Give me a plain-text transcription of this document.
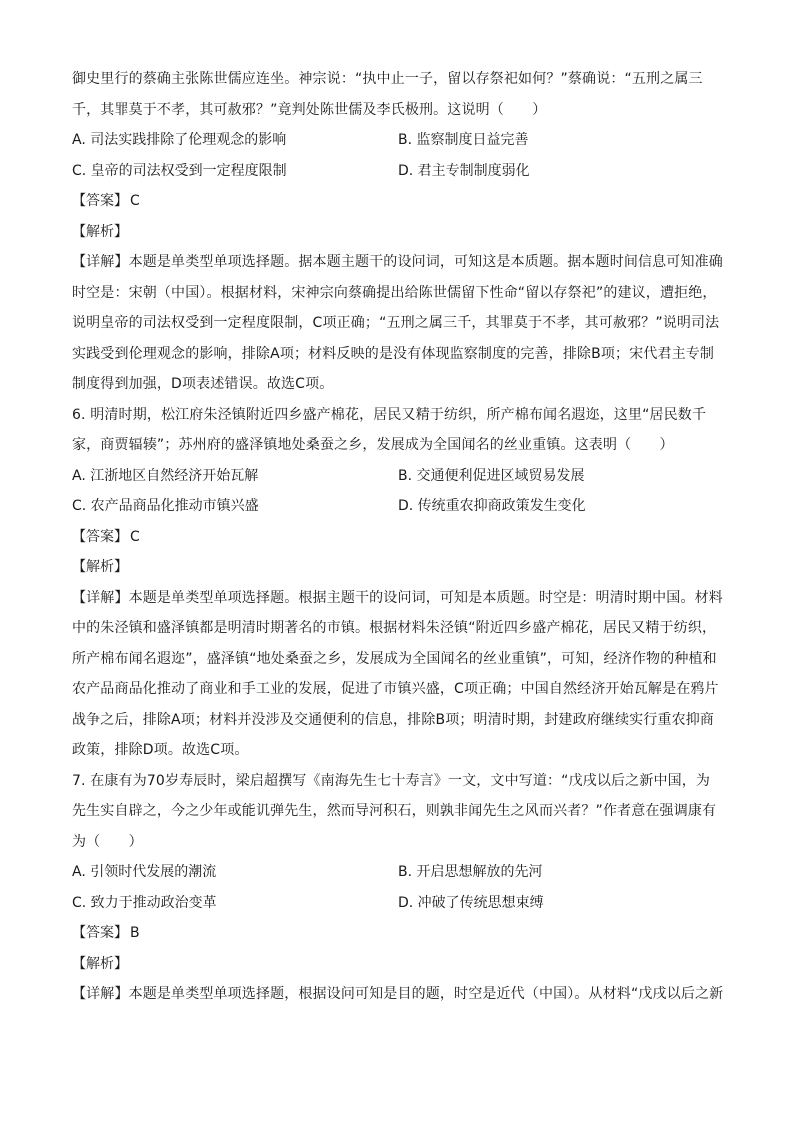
御史里行的蔡确主张陈世儒应连坐。神宗说：“执中止一子，留以存祭祀如何？”蔡确说：“五刑之属三千，其罪莫于不孝，其可赦邪？”竟判处陈世儒及李氏极刑。这说明（　　）

A. 司法实践排除了伦理观念的影响	B. 监察制度日益完善
C. 皇帝的司法权受到一定程度限制	D. 君主专制制度弱化

【答案】 C

【解析】

【详解】本题是单类型单项选择题。据本题主题干的设问词，可知这是本质题。据本题时间信息可知准确时空是：宋朝（中国）。根据材料，宋神宗向蔡确提出给陈世儒留下性命“留以存祭祀”的建议，遭拒绝，说明皇帝的司法权受到一定程度限制，C项正确；“五刑之属三千，其罪莫于不孝，其可赦邪？”说明司法实践受到伦理观念的影响，排除A项；材料反映的是没有体现监察制度的完善，排除B项；宋代君主专制制度得到加强，D项表述错误。故选C项。

6. 明清时期，松江府朱泾镇附近四乡盛产棉花，居民又精于纺织，所产棉布闻名遐迩，这里“居民数千家，商贾辐辏”；苏州府的盛泽镇地处桑蚕之乡，发展成为全国闻名的丝业重镇。这表明（　　）

A. 江浙地区自然经济开始瓦解	B. 交通便利促进区域贸易发展
C. 农产品商品化推动市镇兴盛	D. 传统重农抑商政策发生变化

【答案】 C

【解析】

【详解】本题是单类型单项选择题。根据主题干的设问词，可知是本质题。时空是：明清时期中国。材料中的朱泾镇和盛泽镇都是明清时期著名的市镇。根据材料朱泾镇“附近四乡盛产棉花，居民又精于纺织，所产棉布闻名遐迩”，盛泽镇“地处桑蚕之乡，发展成为全国闻名的丝业重镇”，可知，经济作物的种植和农产品商品化推动了商业和手工业的发展，促进了市镇兴盛，C项正确；中国自然经济开始瓦解是在鸦片战争之后，排除A项；材料并没涉及交通便利的信息，排除B项；明清时期，封建政府继续实行重农抑商政策，排除D项。故选C项。

7. 在康有为70岁寿辰时，梁启超撰写《南海先生七十寿言》一文，文中写道：“戊戌以后之新中国，为先生实自辟之，今之少年或能讥弹先生，然而导河积石，则孰非闻先生之风而兴者？”作者意在强调康有为（　　）

A. 引领时代发展的潮流	B. 开启思想解放的先河
C. 致力于推动政治变革	D. 冲破了传统思想束缚

【答案】 B

【解析】

【详解】本题是单类型单项选择题，根据设问可知是目的题，时空是近代（中国）。从材料“戊戌以后之新
